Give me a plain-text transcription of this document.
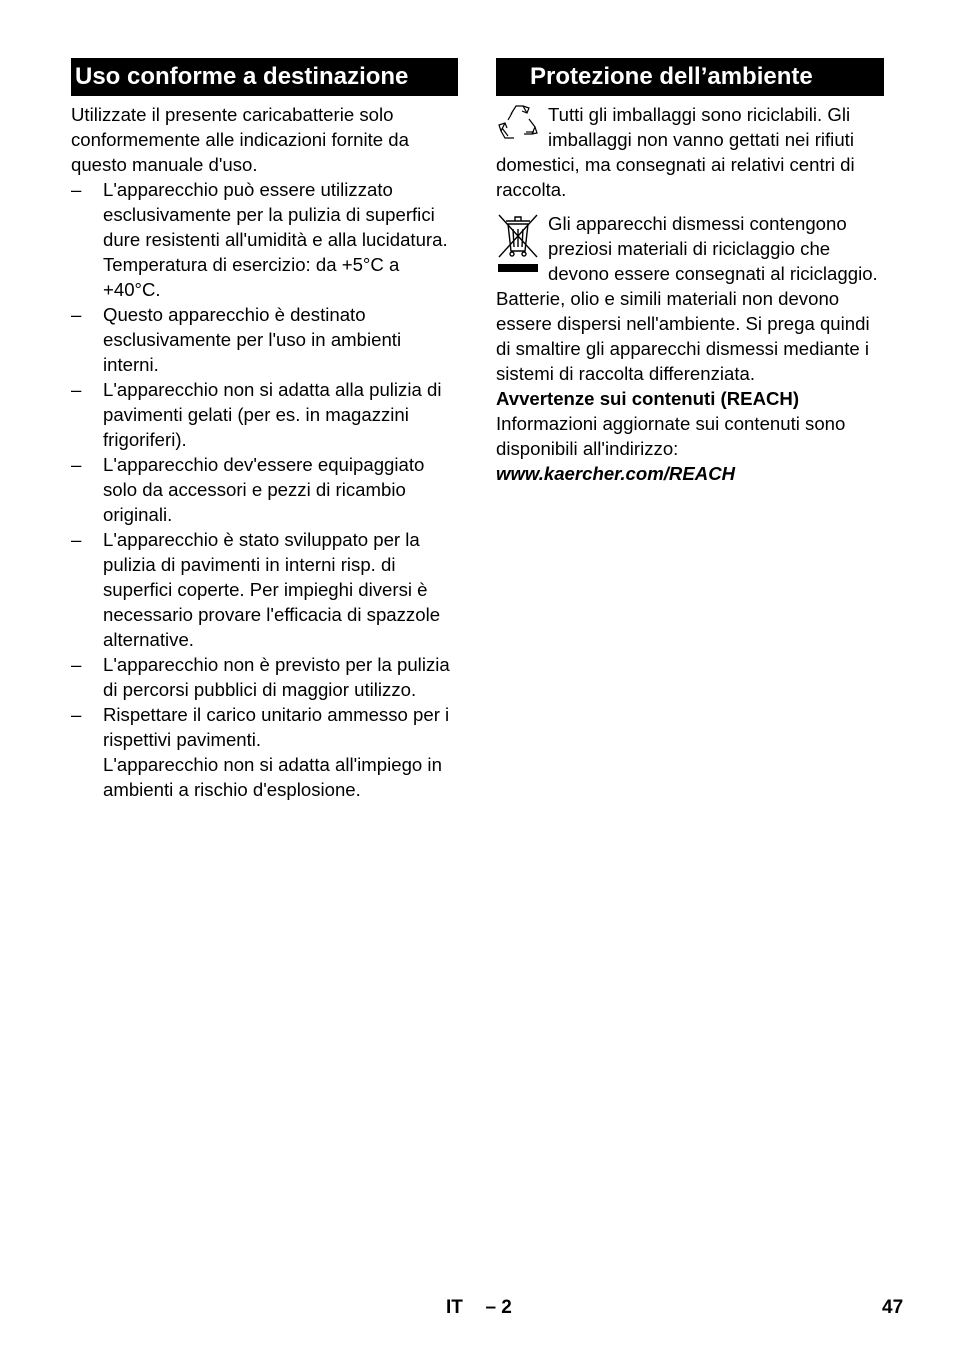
Uso conforme a destinazione

Utilizzate il presente caricabatterie solo conformemente alle indicazioni fornite da questo manuale d'uso.

– L'apparecchio può essere utilizzato esclusivamente per la pulizia di superfici dure resistenti all'umidità e alla lucidatura.
Temperatura di esercizio: da +5°C a +40°C.
– Questo apparecchio è destinato esclusivamente per l'uso in ambienti interni.
– L'apparecchio non si adatta alla pulizia di pavimenti gelati (per es. in magazzini frigoriferi).
– L'apparecchio dev'essere equipaggiato solo da accessori e pezzi di ricambio originali.
– L'apparecchio è stato sviluppato per la pulizia di pavimenti in interni risp. di superfici coperte. Per impieghi diversi è necessario provare l'efficacia di spazzole alternative.
– L'apparecchio non è previsto per la pulizia di percorsi pubblici di maggior utilizzo.
– Rispettare il carico unitario ammesso per i rispettivi pavimenti.
L'apparecchio non si adatta all'impiego in ambienti a rischio d'esplosione.
Protezione dell’ambiente
Tutti gli imballaggi sono riciclabili. Gli imballaggi non vanno gettati nei rifiuti domestici, ma consegnati ai relativi centri di raccolta.
Gli apparecchi dismessi contengono preziosi materiali di riciclaggio che devono essere consegnati al riciclaggio. Batterie, olio e simili materiali non devono essere dispersi nell'ambiente. Si prega quindi di smaltire gli apparecchi dismessi mediante i sistemi di raccolta differenziata.

Avvertenze sui contenuti (REACH)

Informazioni aggiornate sui contenuti sono disponibili all'indirizzo:

www.kaercher.com/REACH

IT – 2	47
